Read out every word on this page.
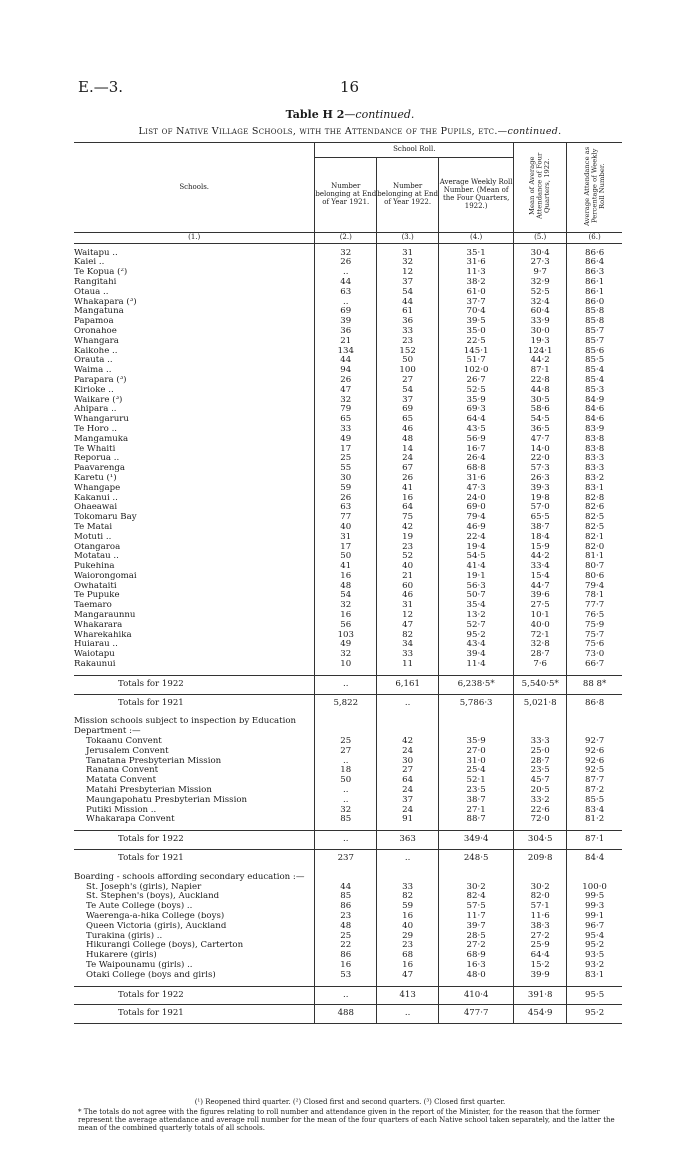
E.—3.	16
Table H 2—continued.
List of Native Village Schools, with the Attendance of the Pupils, etc.—continued.
Schools.	School Roll.			Mean of Average Attendance of Four Quarters, 1922.	Average Attendance as Percentage of Weekly Roll Number.
	Number belonging at End of Year 1921.	Number belonging at End of Year 1922.	Average Weekly Roll Number. (Mean of the Four Quarters, 1922.)		
(1.)	(2.)	(3.)	(4.)	(5.)	(6.)

Waitapu ..	32	31	35·1	30·4	86·6
Kaiei ..	26	32	31·6	27·3	86·4
Te Kopua (²)	..	12	11·3	9·7	86·3
Rangitahi	44	37	38·2	32·9	86·1
Otaua ..	63	54	61·0	52·5	86·1
Whakapara (³)	..	44	37·7	32·4	86·0
Mangatuna	69	61	70·4	60·4	85·8
Papamoa	39	36	39·5	33·9	85·8
Oronahoe	36	33	35·0	30·0	85·7
Whangara	21	23	22·5	19·3	85·7
Kaikohe ..	134	152	145·1	124·1	85·6
Orauta ..	44	50	51·7	44·2	85·5
Waima ..	94	100	102·0	87·1	85·4
Parapara (³)	26	27	26·7	22·8	85·4
Kirioke ..	47	54	52·5	44·8	85·3
Waikare (³)	32	37	35·9	30·5	84·9
Ahipara ..	79	69	69·3	58·6	84·6
Whangaruru	65	65	64·4	54·5	84·6
Te Horo ..	33	46	43·5	36·5	83·9
Mangamuka	49	48	56·9	47·7	83·8
Te Whaiti	17	14	16·7	14·0	83·8
Reporua ..	25	24	26·4	22·0	83·3
Paavarenga	55	67	68·8	57·3	83·3
Karetu (¹)	30	26	31·6	26·3	83·2
Whangape	59	41	47·3	39·3	83·1
Kakanui ..	26	16	24·0	19·8	82·8
Ohaeawai	63	64	69·0	57·0	82·6
Tokomaru Bay	77	75	79·4	65·5	82·5
Te Matai	40	42	46·9	38·7	82·5
Motuti ..	31	19	22·4	18·4	82·1
Otangaroa	17	23	19·4	15·9	82·0
Motatau ..	50	52	54·5	44·2	81·1
Pukehina	41	40	41·4	33·4	80·7
Waiorongomai	16	21	19·1	15·4	80·6
Owhataiti	48	60	56·3	44·7	79·4
Te Pupuke	54	46	50·7	39·6	78·1
Taemaro	32	31	35·4	27·5	77·7
Mangaraunnu	16	12	13·2	10·1	76·5
Whakarara	56	47	52·7	40·0	75·9
Wharekahika	103	82	95·2	72·1	75·7
Huiarau ..	49	34	43·4	32·8	75·6
Waiotapu	32	33	39·4	28·7	73·0
Rakaunui	10	11	11·4	7·6	66·7

Totals for 1922	..	6,161	6,238·5*	5,540·5*	88 8*
Totals for 1921	5,822	..	5,786·3	5,021·8	86·8

Mission schools subject to inspection by Education Department :—					
Tokaanu Convent	25	42	35·9	33·3	92·7
Jerusalem Convent	27	24	27·0	25·0	92·6
Tanatana Presbyterian Mission	..	30	31·0	28·7	92·6
Ranana Convent	18	27	25·4	23·5	92·5
Matata Convent	50	64	52·1	45·7	87·7
Matahi Presbyterian Mission	..	24	23·5	20·5	87·2
Maungapohatu Presbyterian Mission	..	37	38·7	33·2	85·5
Putiki Mission ..	32	24	27·1	22·6	83·4
Whakarapa Convent	85	91	88·7	72·0	81·2

Totals for 1922	..	363	349·4	304·5	87·1
Totals for 1921	237	..	248·5	209·8	84·4

Boarding - schools affording secondary education :—					
St. Joseph's (girls), Napier	44	33	30·2	30·2	100·0
St. Stephen's (boys), Auckland	85	82	82·4	82·0	99·5
Te Aute College (boys) ..	86	59	57·5	57·1	99·3
Waerenga-a-hika College (boys)	23	16	11·7	11·6	99·1
Queen Victoria (girls), Auckland	48	40	39·7	38·3	96·7
Turakina (girls) ..	25	29	28·5	27·2	95·4
Hikurangi College (boys), Carterton	22	23	27·2	25·9	95·2
Hukarere (girls)	86	68	68·9	64·4	93·5
Te Waipounamu (girls) ..	16	16	16·3	15·2	93·2
Otaki College (boys and girls)	53	47	48·0	39·9	83·1

Totals for 1922	..	413	410·4	391·8	95·5
Totals for 1921	488	..	477·7	454·9	95·2
(¹) Reopened third quarter. (²) Closed first and second quarters. (³) Closed first quarter.
* The totals do not agree with the figures relating to roll number and attendance given in the report of the Minister, for the reason that the former represent the average attendance and average roll number for the mean of the four quarters of each Native school taken separately, and the latter the mean of the combined quarterly totals of all schools.
